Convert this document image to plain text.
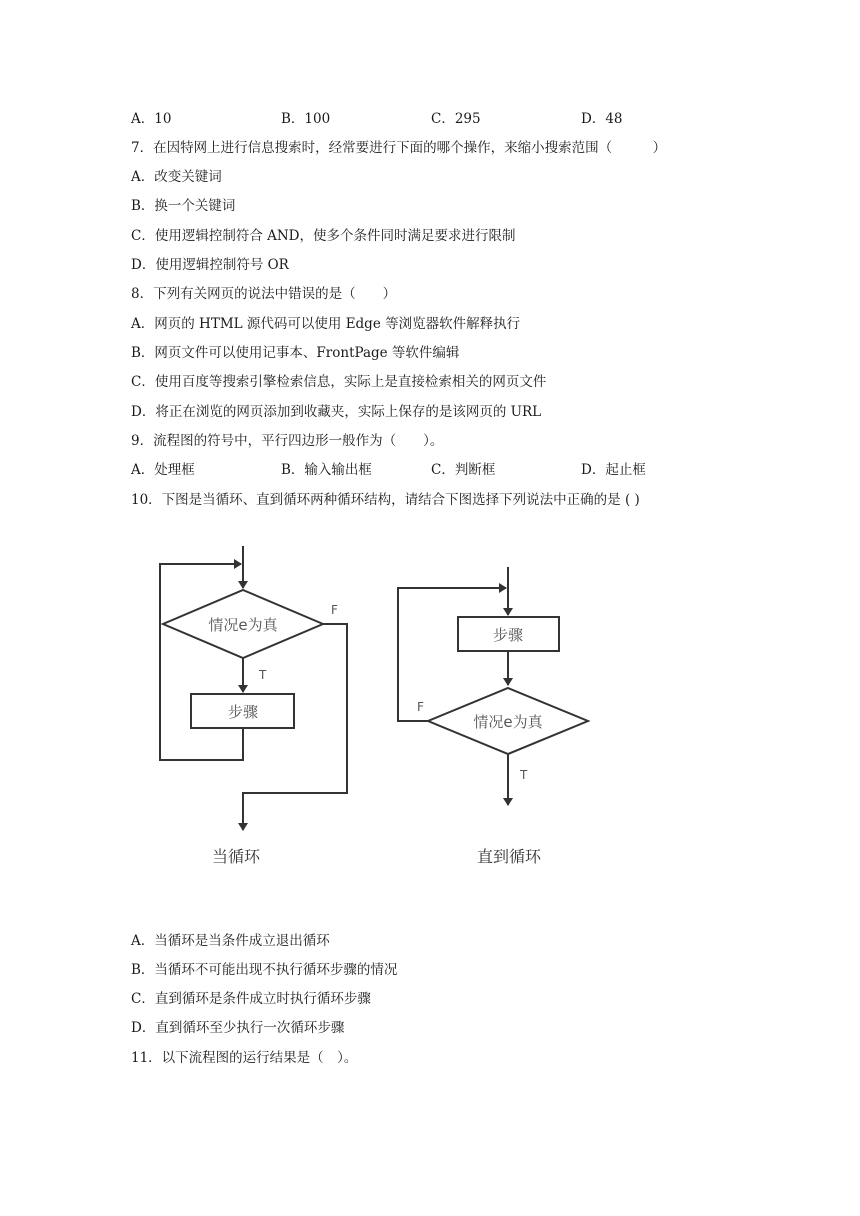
A．10	B．100	C．295	D．48
7．在因特网上进行信息搜索时，经常要进行下面的哪个操作，来缩小搜索范围（　　　）
A．改变关键词
B．换一个关键词
C．使用逻辑控制符合 AND，使多个条件同时满足要求进行限制
D．使用逻辑控制符号 OR
8．下列有关网页的说法中错误的是（　　）
A．网页的 HTML 源代码可以使用 Edge 等浏览器软件解释执行
B．网页文件可以使用记事本、FrontPage 等软件编辑
C．使用百度等搜索引擎检索信息，实际上是直接检索相关的网页文件
D．将正在浏览的网页添加到收藏夹，实际上保存的是该网页的 URL
9．流程图的符号中，平行四边形一般作为（　　）。
A．处理框	B．输入输出框	C．判断框	D．起止框
10．下图是当循环、直到循环两种循环结构，请结合下图选择下列说法中正确的是 ( )
情况e为真
F
T
步骤
当循环
步骤
情况e为真
F
T
直到循环
A．当循环是当条件成立退出循环
B．当循环不可能出现不执行循环步骤的情况
C．直到循环是条件成立时执行循环步骤
D．直到循环至少执行一次循环步骤
11．以下流程图的运行结果是（　）。
